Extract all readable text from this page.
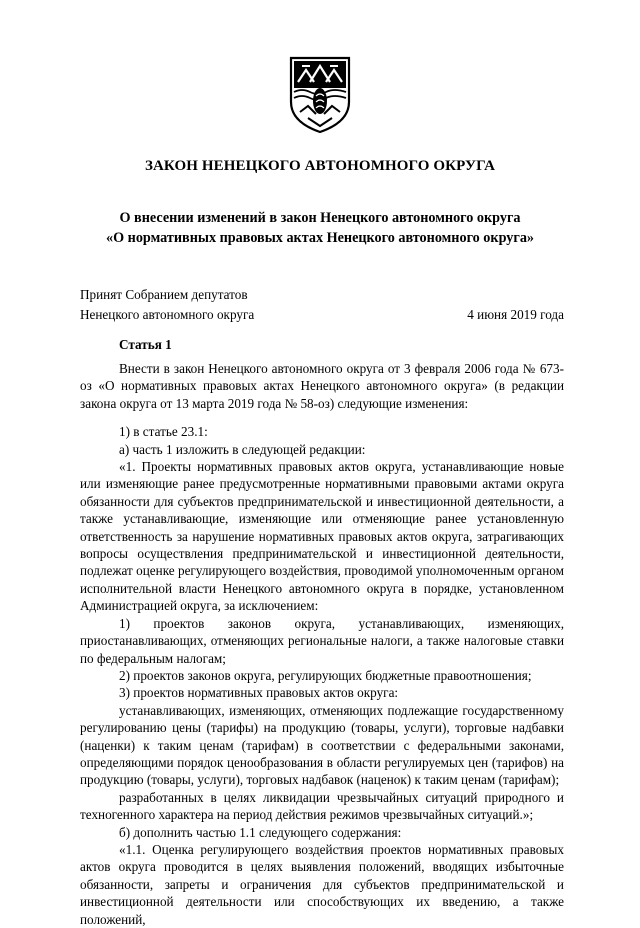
ЗАКОН НЕНЕЦКОГО АВТОНОМНОГО ОКРУГА
О внесении изменений в закон Ненецкого автономного округа
«О нормативных правовых актах Ненецкого автономного округа»
Принят Собранием депутатов
Ненецкого автономного округа	4 июня 2019 года
Статья 1

Внести в закон Ненецкого автономного округа от 3 февраля 2006 года № 673-оз «О нормативных правовых актах Ненецкого автономного округа» (в редакции закона округа от 13 марта 2019 года № 58-оз) следующие изменения:

1) в статье 23.1:

а) часть 1 изложить в следующей редакции:

«1. Проекты нормативных правовых актов округа, устанавливающие новые или изменяющие ранее предусмотренные нормативными правовыми актами округа обязанности для субъектов предпринимательской и инвестиционной деятельности, а также устанавливающие, изменяющие или отменяющие ранее установленную ответственность за нарушение нормативных правовых актов округа, затрагивающих вопросы осуществления предпринимательской и инвестиционной деятельности, подлежат оценке регулирующего воздействия, проводимой уполномоченным органом исполнительной власти Ненецкого автономного округа в порядке, установленном Администрацией округа, за исключением:

1) проектов законов округа, устанавливающих, изменяющих, приостанавливающих, отменяющих региональные налоги, а также налоговые ставки по федеральным налогам;

2) проектов законов округа, регулирующих бюджетные правоотношения;

3) проектов нормативных правовых актов округа:

устанавливающих, изменяющих, отменяющих подлежащие государственному регулированию цены (тарифы) на продукцию (товары, услуги), торговые надбавки (наценки) к таким ценам (тарифам) в соответствии с федеральными законами, определяющими порядок ценообразования в области регулируемых цен (тарифов) на продукцию (товары, услуги), торговых надбавок (наценок) к таким ценам (тарифам);

разработанных в целях ликвидации чрезвычайных ситуаций природного и техногенного характера на период действия режимов чрезвычайных ситуаций.»;

б) дополнить частью 1.1 следующего содержания:

«1.1. Оценка регулирующего воздействия проектов нормативных правовых актов округа проводится в целях выявления положений, вводящих избыточные обязанности, запреты и ограничения для субъектов предпринимательской и инвестиционной деятельности или способствующих их введению, а также положений,
